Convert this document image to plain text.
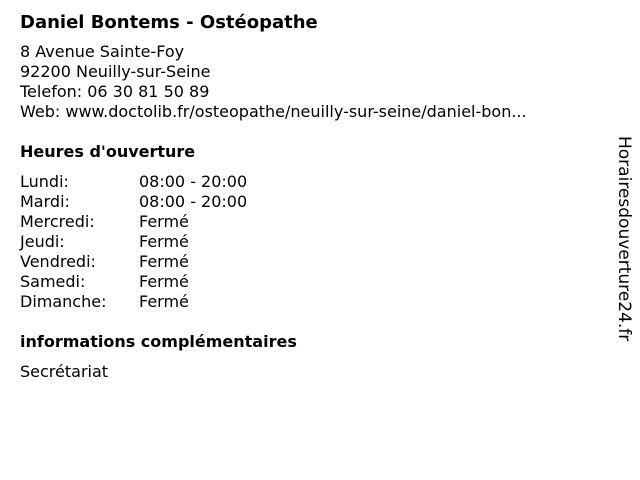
Daniel Bontems - Ostéopathe
8 Avenue Sainte-Foy
92200 Neuilly-sur-Seine
Telefon: 06 30 81 50 89
Web: www.doctolib.fr/osteopathe/neuilly-sur-seine/daniel-bon...
Heures d'ouverture
Lundi:	08:00 - 20:00
Mardi:	08:00 - 20:00
Mercredi:	Fermé
Jeudi:	Fermé
Vendredi:	Fermé
Samedi:	Fermé
Dimanche:	Fermé
informations complémentaires
Secrétariat
Horairesdouverture24.fr
